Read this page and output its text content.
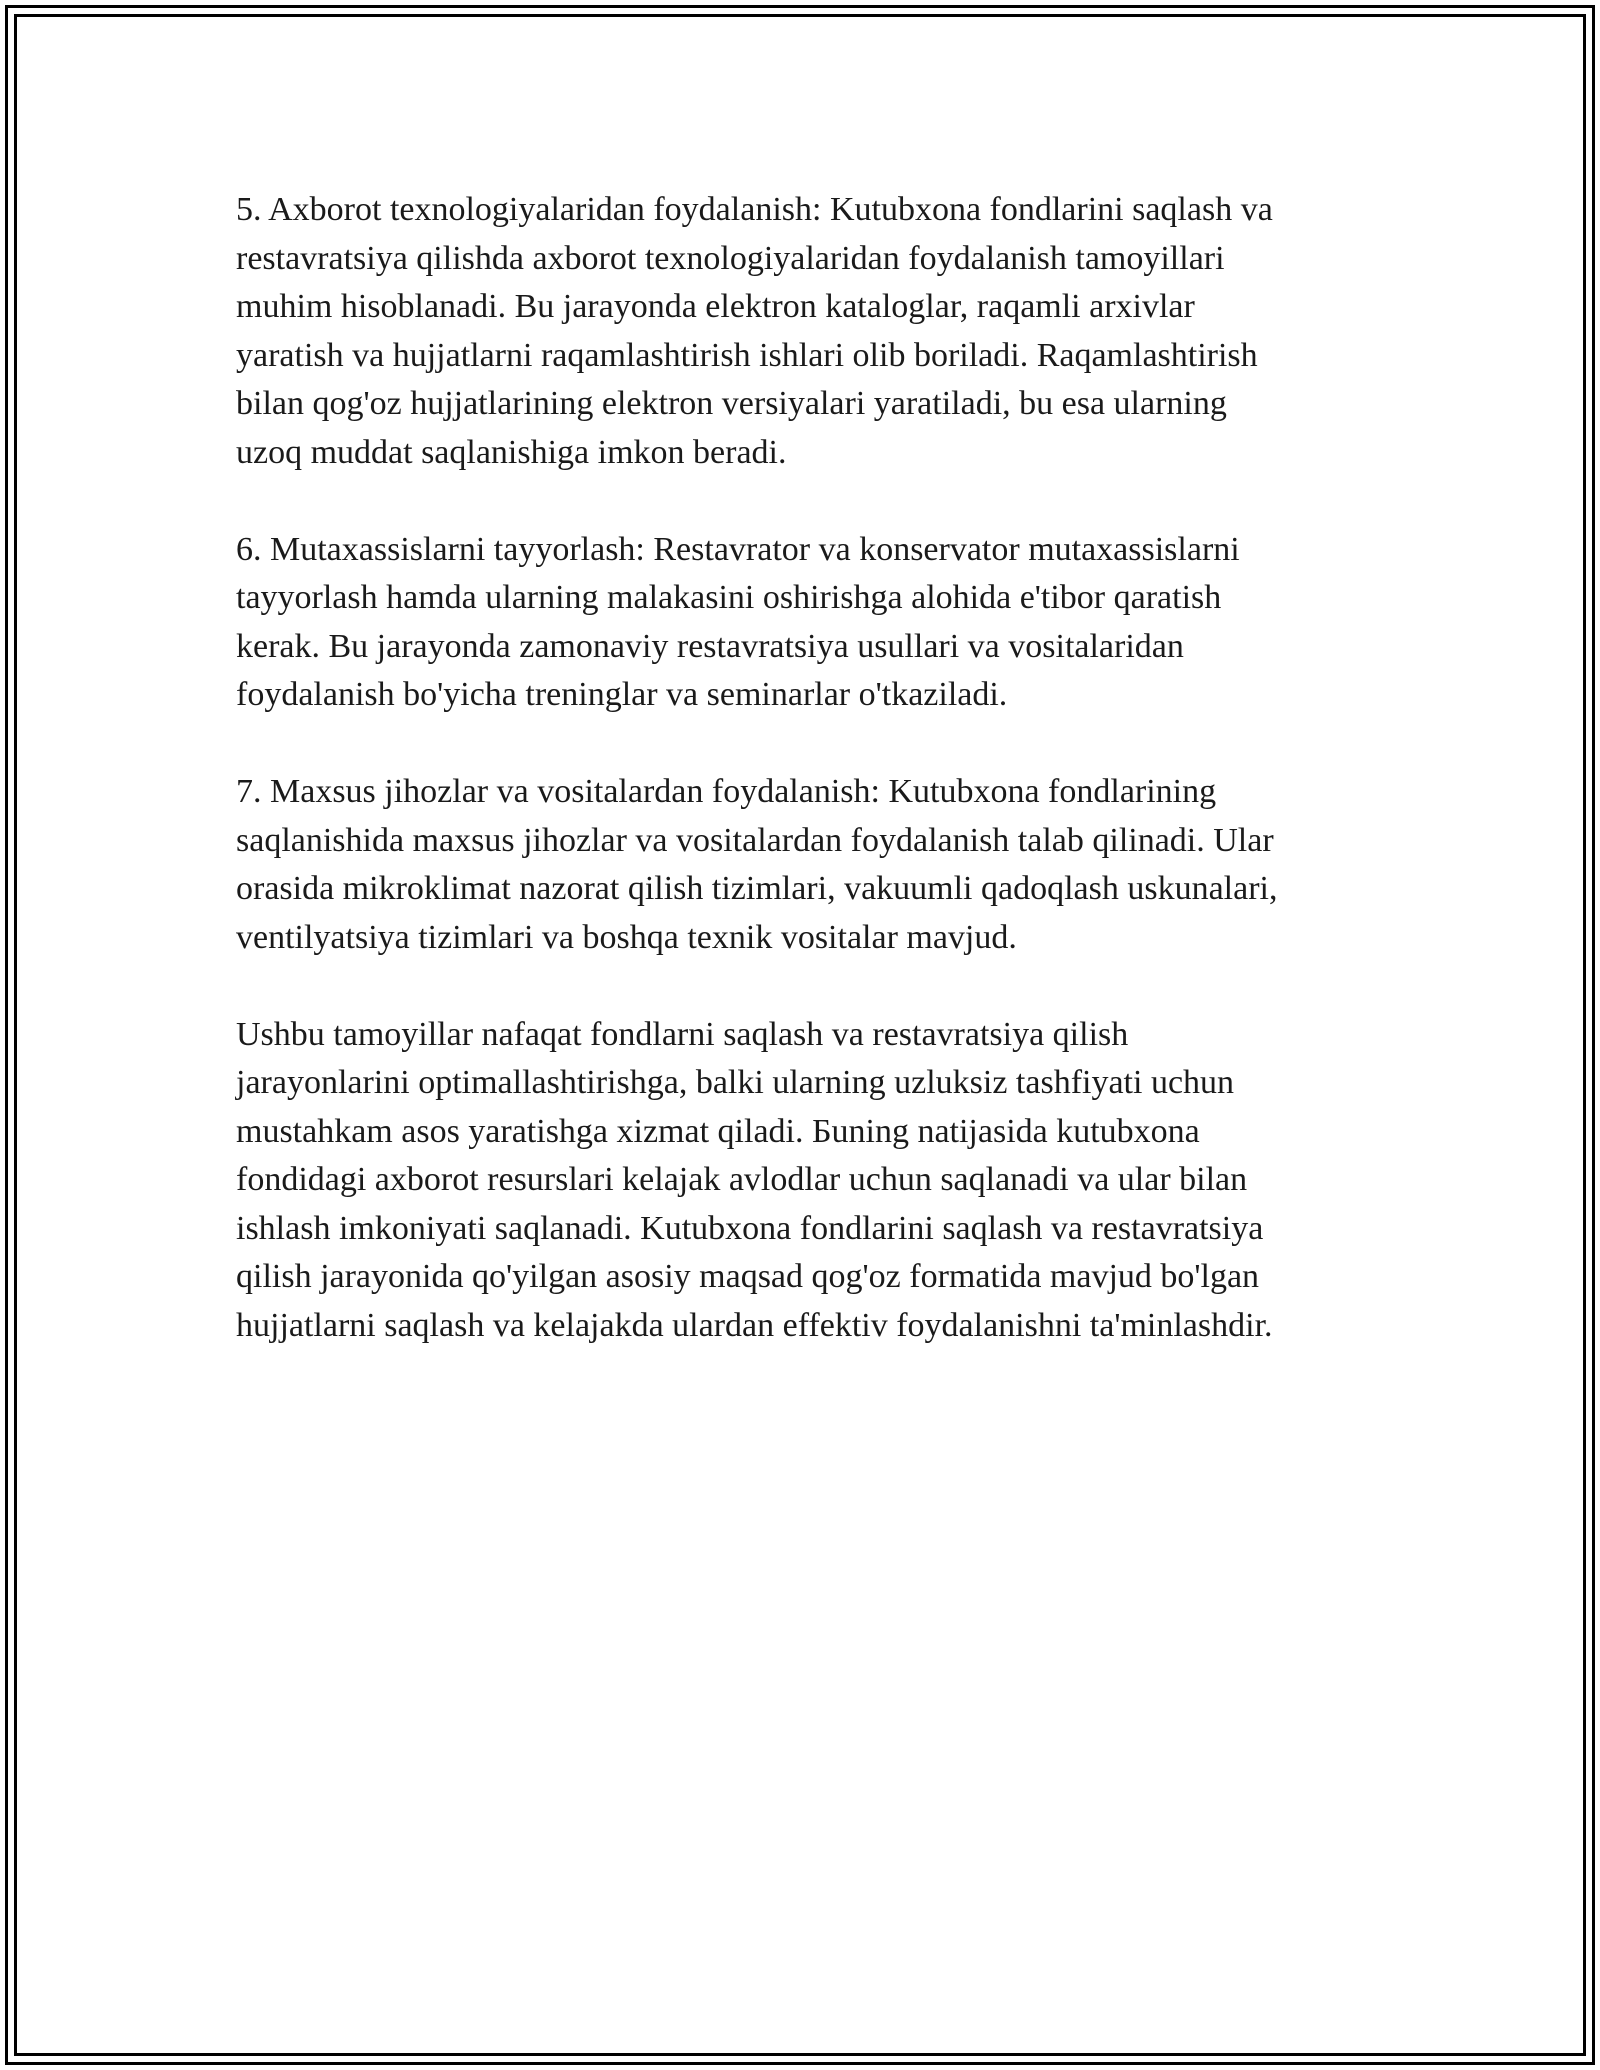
5. Axborot texnologiyalaridan foydalanish: Kutubxona fondlarini saqlash va
restavratsiya qilishda axborot texnologiyalaridan foydalanish tamoyillari
muhim hisoblanadi. Bu jarayonda elektron kataloglar, raqamli arxivlar
yaratish va hujjatlarni raqamlashtirish ishlari olib boriladi. Raqamlashtirish
bilan qog'oz hujjatlarining elektron versiyalari yaratiladi, bu esa ularning
uzoq muddat saqlanishiga imkon beradi.

6. Mutaxassislarni tayyorlash: Restavrator va konservator mutaxassislarni
tayyorlash hamda ularning malakasini oshirishga alohida e'tibor qaratish
kerak. Bu jarayonda zamonaviy restavratsiya usullari va vositalaridan
foydalanish bo'yicha treninglar va seminarlar o'tkaziladi.

7. Maxsus jihozlar va vositalardan foydalanish: Kutubxona fondlarining
saqlanishida maxsus jihozlar va vositalardan foydalanish talab qilinadi. Ular
orasida mikroklimat nazorat qilish tizimlari, vakuumli qadoqlash uskunalari,
ventilyatsiya tizimlari va boshqa texnik vositalar mavjud.

Ushbu tamoyillar nafaqat fondlarni saqlash va restavratsiya qilish
jarayonlarini optimallashtirishga, balki ularning uzluksiz tashfiyati uchun
mustahkam asos yaratishga xizmat qiladi. Бuning natijasida kutubxona
fondidagi axborot resurslari kelajak avlodlar uchun saqlanadi va ular bilan
ishlash imkoniyati saqlanadi. Kutubxona fondlarini saqlash va restavratsiya
qilish jarayonida qo'yilgan asosiy maqsad qog'oz formatida mavjud bo'lgan
hujjatlarni saqlash va kelajakda ulardan effektiv foydalanishni ta'minlashdir.
